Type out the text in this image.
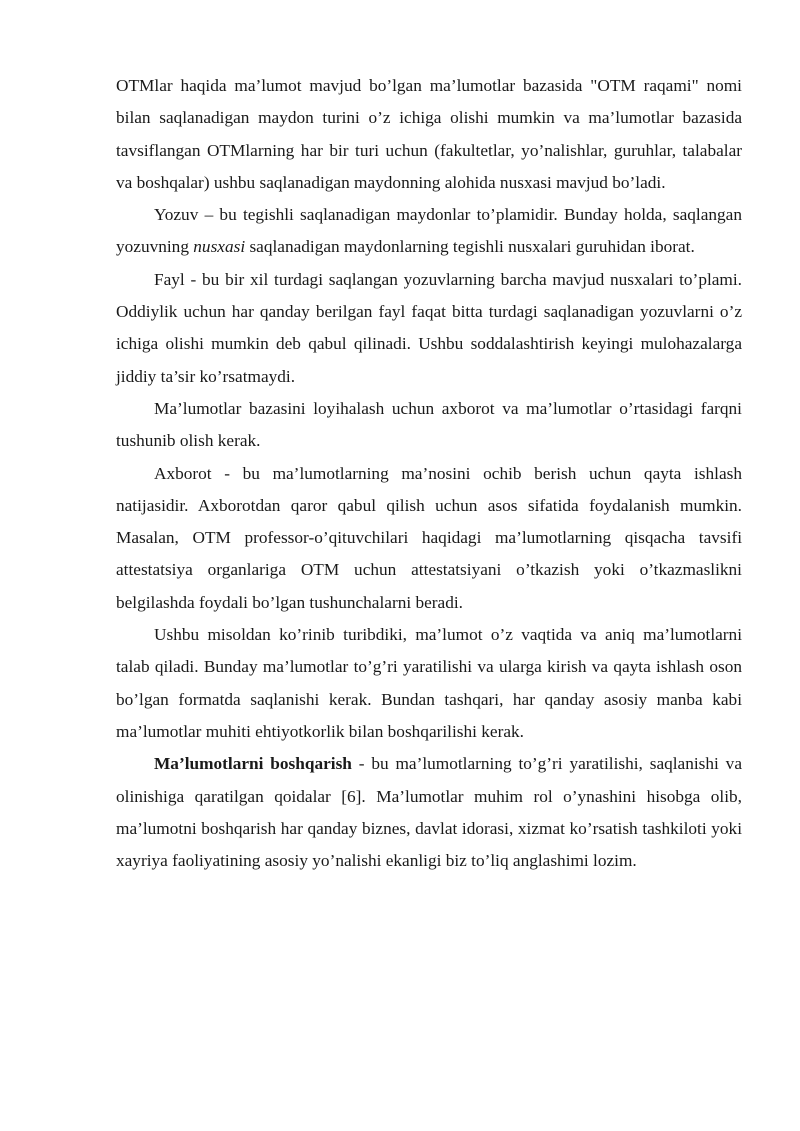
OTMlar haqida ma’lumot mavjud bo’lgan ma’lumotlar bazasida "OTM raqami" nomi bilan saqlanadigan maydon turini o’z ichiga olishi mumkin va ma’lumotlar bazasida tavsiflangan OTMlarning har bir turi uchun (fakultetlar, yo’nalishlar, guruhlar, talabalar va boshqalar) ushbu saqlanadigan maydonning alohida nusxasi mavjud bo’ladi.

Yozuv – bu tegishli saqlanadigan maydonlar to’plamidir. Bunday holda, saqlangan yozuvning nusxasi saqlanadigan maydonlarning tegishli nusxalari guruhidan iborat.

Fayl - bu bir xil turdagi saqlangan yozuvlarning barcha mavjud nusxalari to’plami. Oddiylik uchun har qanday berilgan fayl faqat bitta turdagi saqlanadigan yozuvlarni o’z ichiga olishi mumkin deb qabul qilinadi. Ushbu soddalashtirish keyingi mulohazalarga jiddiy ta’sir ko’rsatmaydi.

Ma’lumotlar bazasini loyihalash uchun axborot va ma’lumotlar o’rtasidagi farqni tushunib olish kerak.

Axborot - bu ma’lumotlarning ma’nosini ochib berish uchun qayta ishlash natijasidir. Axborotdan qaror qabul qilish uchun asos sifatida foydalanish mumkin. Masalan, OTM professor-o’qituvchilari haqidagi ma’lumotlarning qisqacha tavsifi attestatsiya organlariga OTM uchun attestatsiyani o’tkazish yoki o’tkazmaslikni belgilashda foydali bo’lgan tushunchalarni beradi.

Ushbu misoldan ko’rinib turibdiki, ma’lumot o’z vaqtida va aniq ma’lumotlarni talab qiladi. Bunday ma’lumotlar to’g’ri yaratilishi va ularga kirish va qayta ishlash oson bo’lgan formatda saqlanishi kerak. Bundan tashqari, har qanday asosiy manba kabi ma’lumotlar muhiti ehtiyotkorlik bilan boshqarilishi kerak.

Ma’lumotlarni boshqarish - bu ma’lumotlarning to’g’ri yaratilishi, saqlanishi va olinishiga qaratilgan qoidalar [6]. Ma’lumotlar muhim rol o’ynashini hisobga olib, ma’lumotni boshqarish har qanday biznes, davlat idorasi, xizmat ko’rsatish tashkiloti yoki xayriya faoliyatining asosiy yo’nalishi ekanligi biz to’liq anglashimi lozim.
